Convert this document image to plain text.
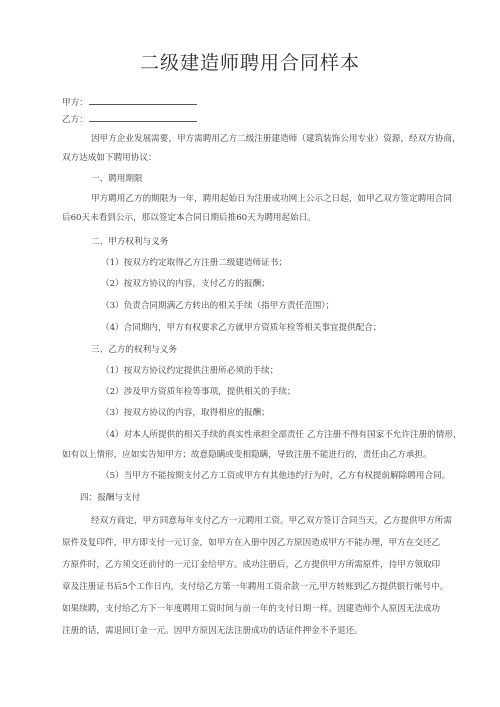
二级建造师聘用合同样本
甲方：
乙方：
因甲方企业发展需要，甲方需聘用乙方二级注册建造师（建筑装饰公用专业）资源，经双方协商，
双方达成如下聘用协议：
一、聘用期限
甲方聘用乙方的期限为一年，聘用起始日为注册成功网上公示之日起，如甲乙双方签定聘用合同
后60天未看到公示，那以签定本合同日期后推60天为聘用起始日。
二、甲方权利与义务
（1）按双方约定取得乙方注册二级建造师证书；
（2）按双方协议的内容，支付乙方的报酬；
（3）负责合同期满乙方转出的相关手续（指甲方责任范围）；
（4）合同期内，甲方有权要求乙方就甲方资质年检等相关事宜提供配合；
三、乙方的权利与义务
（1）按双方协议约定提供注册所必须的手续；
（2）涉及甲方资质年检等事项，提供相关的手续；
（3）按双方协议的内容，取得相应的报酬；
（4）对本人所提供的相关手续的真实性承担全部责任 乙方注册不得有国家不允许注册的情形，
如有以上情形，应如实告知甲方；故意隐瞒或变相隐瞒，导致注册不能进行的，责任由乙方承担。
（5）当甲方不能按期支付乙方工资或甲方有其他违约行为时，乙方有权提前解除聘用合同。
四：报酬与支付
经双方商定，甲方同意每年支付乙方一元聘用工资。甲乙双方签订合同当天，乙方提供甲方所需
原件及复印件，甲方即支付一元订金，如甲方在入册中因乙方原因造成甲方不能办理，甲方在交还乙
方原件时，乙方须交还前付的一元订金给甲方。成功注册后，乙方提供甲方所需原件，待甲方领取印
章及注册证书后5个工作日内，支付给乙方第一年聘用工资余款一元,甲方转账到乙方提供银行帐号中。
如果续聘，支付给乙方下一年度聘用工资时间与前一年的支付日期一样。因建造师个人原因无法成功
注册的话，需退回订金一元。因甲方原因无法注册成功的话证件押金不予退还。
